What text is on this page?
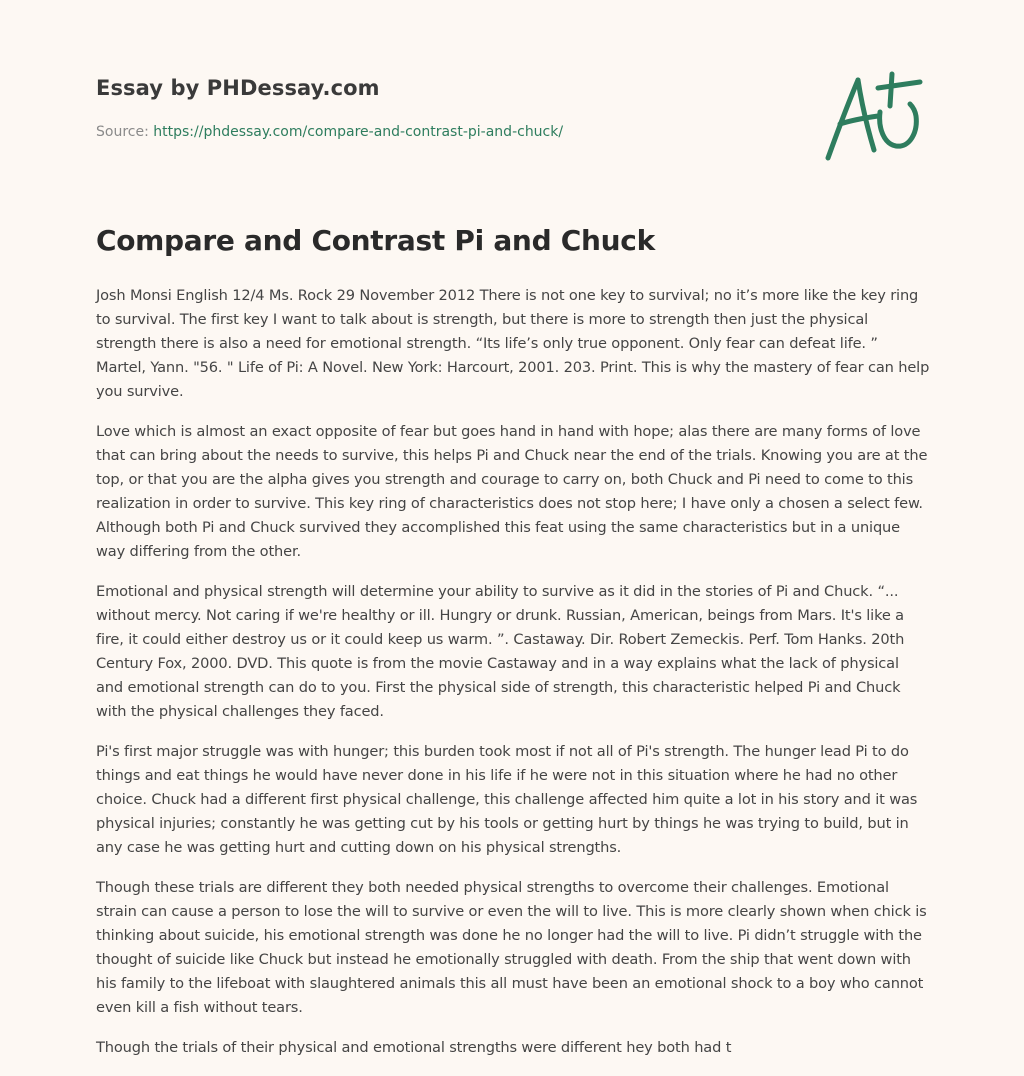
Essay by PHDessay.com
Source: https://phdessay.com/compare-and-contrast-pi-and-chuck/
Compare and Contrast Pi and Chuck

Josh Monsi English 12/4 Ms. Rock 29 November 2012 There is not one key to survival; no it’s more like the key ring to survival. The first key I want to talk about is strength, but there is more to strength then just the physical strength there is also a need for emotional strength. “Its life’s only true opponent. Only fear can defeat life. ” Martel, Yann. "56. " Life of Pi: A Novel. New York: Harcourt, 2001. 203. Print. This is why the mastery of fear can help you survive.

Love which is almost an exact opposite of fear but goes hand in hand with hope; alas there are many forms of love that can bring about the needs to survive, this helps Pi and Chuck near the end of the trials. Knowing you are at the top, or that you are the alpha gives you strength and courage to carry on, both Chuck and Pi need to come to this realization in order to survive. This key ring of characteristics does not stop here; I have only a chosen a select few. Although both Pi and Chuck survived they accomplished this feat using the same characteristics but in a unique way differing from the other.

Emotional and physical strength will determine your ability to survive as it did in the stories of Pi and Chuck. “... without mercy. Not caring if we're healthy or ill. Hungry or drunk. Russian, American, beings from Mars. It's like a fire, it could either destroy us or it could keep us warm. ”. Castaway. Dir. Robert Zemeckis. Perf. Tom Hanks. 20th Century Fox, 2000. DVD. This quote is from the movie Castaway and in a way explains what the lack of physical and emotional strength can do to you. First the physical side of strength, this characteristic helped Pi and Chuck with the physical challenges they faced.

Pi's first major struggle was with hunger; this burden took most if not all of Pi's strength. The hunger lead Pi to do things and eat things he would have never done in his life if he were not in this situation where he had no other choice. Chuck had a different first physical challenge, this challenge affected him quite a lot in his story and it was physical injuries; constantly he was getting cut by his tools or getting hurt by things he was trying to build, but in any case he was getting hurt and cutting down on his physical strengths.

Though these trials are different they both needed physical strengths to overcome their challenges. Emotional strain can cause a person to lose the will to survive or even the will to live. This is more clearly shown when chick is thinking about suicide, his emotional strength was done he no longer had the will to live. Pi didn’t struggle with the thought of suicide like Chuck but instead he emotionally struggled with death. From the ship that went down with his family to the lifeboat with slaughtered animals this all must have been an emotional shock to a boy who cannot even kill a fish without tears.

Though the trials of their physical and emotional strengths were different hey both had t
